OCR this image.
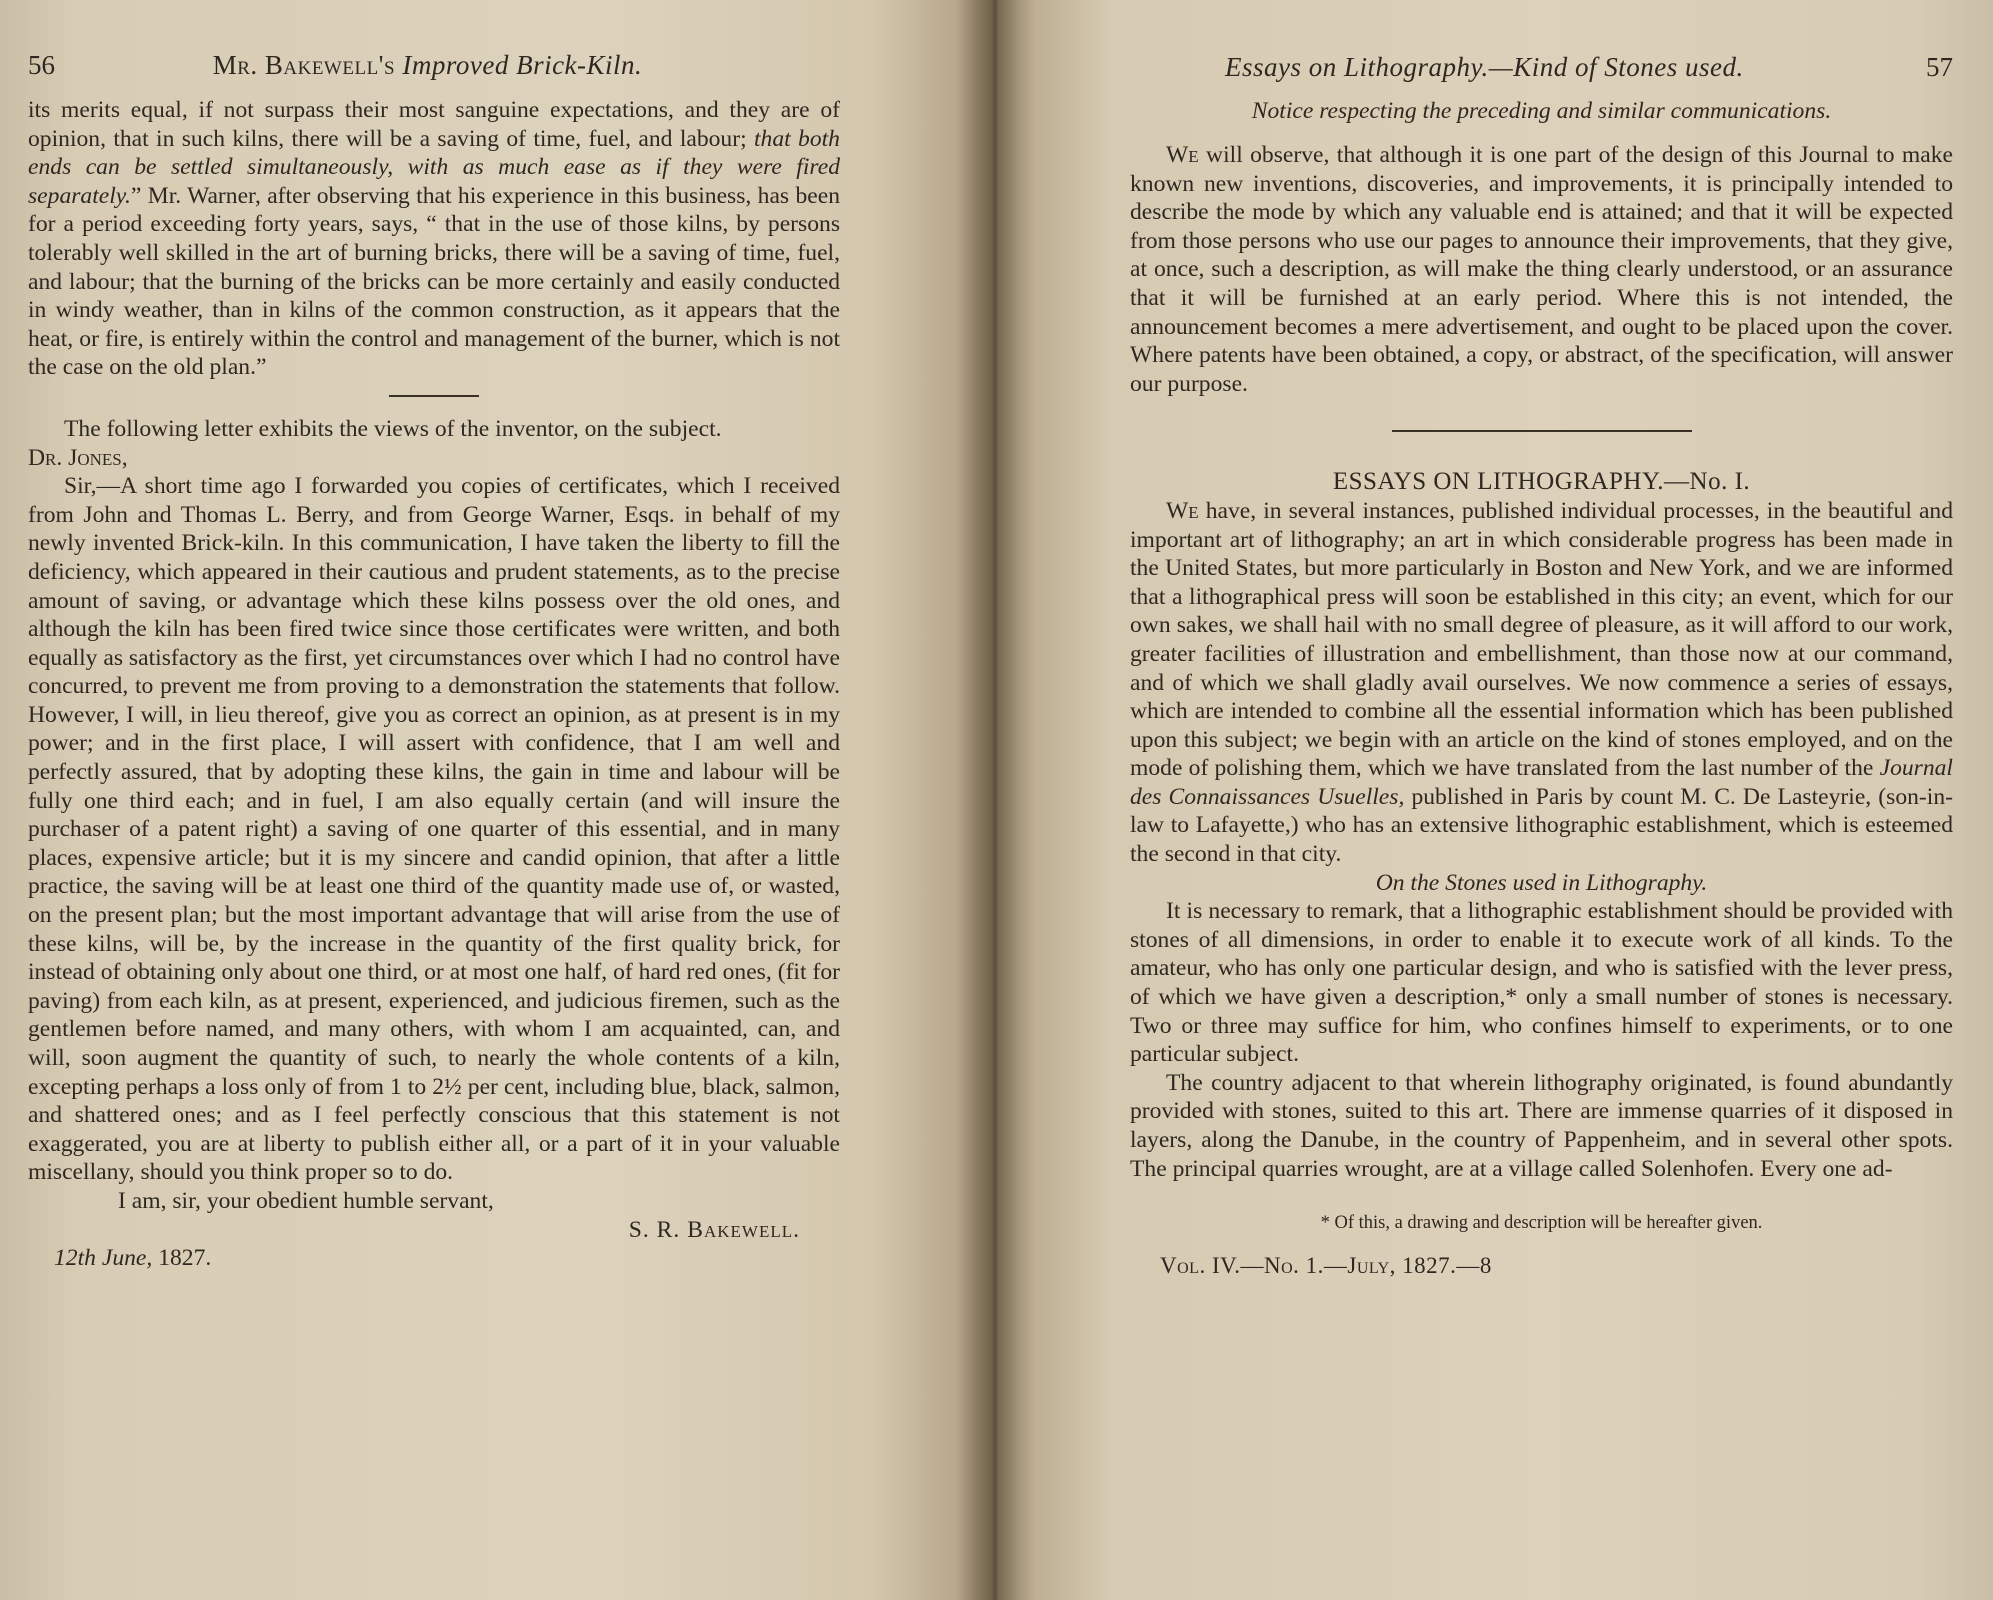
56	Mr. Bakewell's Improved Brick-Kiln.

its merits equal, if not surpass their most sanguine expectations, and they are of opinion, that in such kilns, there will be a saving of time, fuel, and labour; that both ends can be settled simultaneously, with as much ease as if they were fired separately.” Mr. Warner, after observing that his experience in this business, has been for a period exceeding forty years, says, “ that in the use of those kilns, by persons tolerably well skilled in the art of burning bricks, there will be a saving of time, fuel, and labour; that the burning of the bricks can be more certainly and easily conducted in windy weather, than in kilns of the common construction, as it appears that the heat, or fire, is entirely within the control and management of the burner, which is not the case on the old plan.”

The following letter exhibits the views of the inventor, on the subject.

Dr. Jones,

Sir,—A short time ago I forwarded you copies of certificates, which I received from John and Thomas L. Berry, and from George Warner, Esqs. in behalf of my newly invented Brick-kiln. In this communication, I have taken the liberty to fill the deficiency, which appeared in their cautious and prudent statements, as to the precise amount of saving, or advantage which these kilns possess over the old ones, and although the kiln has been fired twice since those certificates were written, and both equally as satisfactory as the first, yet circumstances over which I had no control have concurred, to prevent me from proving to a demonstration the statements that follow. However, I will, in lieu thereof, give you as correct an opinion, as at present is in my power; and in the first place, I will assert with confidence, that I am well and perfectly assured, that by adopting these kilns, the gain in time and labour will be fully one third each; and in fuel, I am also equally certain (and will insure the purchaser of a patent right) a saving of one quarter of this essential, and in many places, expensive article; but it is my sincere and candid opinion, that after a little practice, the saving will be at least one third of the quantity made use of, or wasted, on the present plan; but the most important advantage that will arise from the use of these kilns, will be, by the increase in the quantity of the first quality brick, for instead of obtaining only about one third, or at most one half, of hard red ones, (fit for paving) from each kiln, as at present, experienced, and judicious firemen, such as the gentlemen before named, and many others, with whom I am acquainted, can, and will, soon augment the quantity of such, to nearly the whole contents of a kiln, excepting perhaps a loss only of from 1 to 2½ per cent, including blue, black, salmon, and shattered ones; and as I feel perfectly conscious that this statement is not exaggerated, you are at liberty to publish either all, or a part of it in your valuable miscellany, should you think proper so to do.

I am, sir, your obedient humble servant,

S. R. Bakewell.

12th June, 1827.

Essays on Lithography.—Kind of Stones used.	57

Notice respecting the preceding and similar communications.

We will observe, that although it is one part of the design of this Journal to make known new inventions, discoveries, and improvements, it is principally intended to describe the mode by which any valuable end is attained; and that it will be expected from those persons who use our pages to announce their improvements, that they give, at once, such a description, as will make the thing clearly understood, or an assurance that it will be furnished at an early period. Where this is not intended, the announcement becomes a mere advertisement, and ought to be placed upon the cover. Where patents have been obtained, a copy, or abstract, of the specification, will answer our purpose.

ESSAYS ON LITHOGRAPHY.—No. I.

We have, in several instances, published individual processes, in the beautiful and important art of lithography; an art in which considerable progress has been made in the United States, but more particularly in Boston and New York, and we are informed that a lithographical press will soon be established in this city; an event, which for our own sakes, we shall hail with no small degree of pleasure, as it will afford to our work, greater facilities of illustration and embellishment, than those now at our command, and of which we shall gladly avail ourselves. We now commence a series of essays, which are intended to combine all the essential information which has been published upon this subject; we begin with an article on the kind of stones employed, and on the mode of polishing them, which we have translated from the last number of the Journal des Connaissances Usuelles, published in Paris by count M. C. De Lasteyrie, (son-in-law to Lafayette,) who has an extensive lithographic establishment, which is esteemed the second in that city.

On the Stones used in Lithography.

It is necessary to remark, that a lithographic establishment should be provided with stones of all dimensions, in order to enable it to execute work of all kinds. To the amateur, who has only one particular design, and who is satisfied with the lever press, of which we have given a description,* only a small number of stones is necessary. Two or three may suffice for him, who confines himself to experiments, or to one particular subject.

The country adjacent to that wherein lithography originated, is found abundantly provided with stones, suited to this art. There are immense quarries of it disposed in layers, along the Danube, in the country of Pappenheim, and in several other spots. The principal quarries wrought, are at a village called Solenhofen. Every one ad-

* Of this, a drawing and description will be hereafter given.

Vol. IV.—No. 1.—July, 1827.—8
